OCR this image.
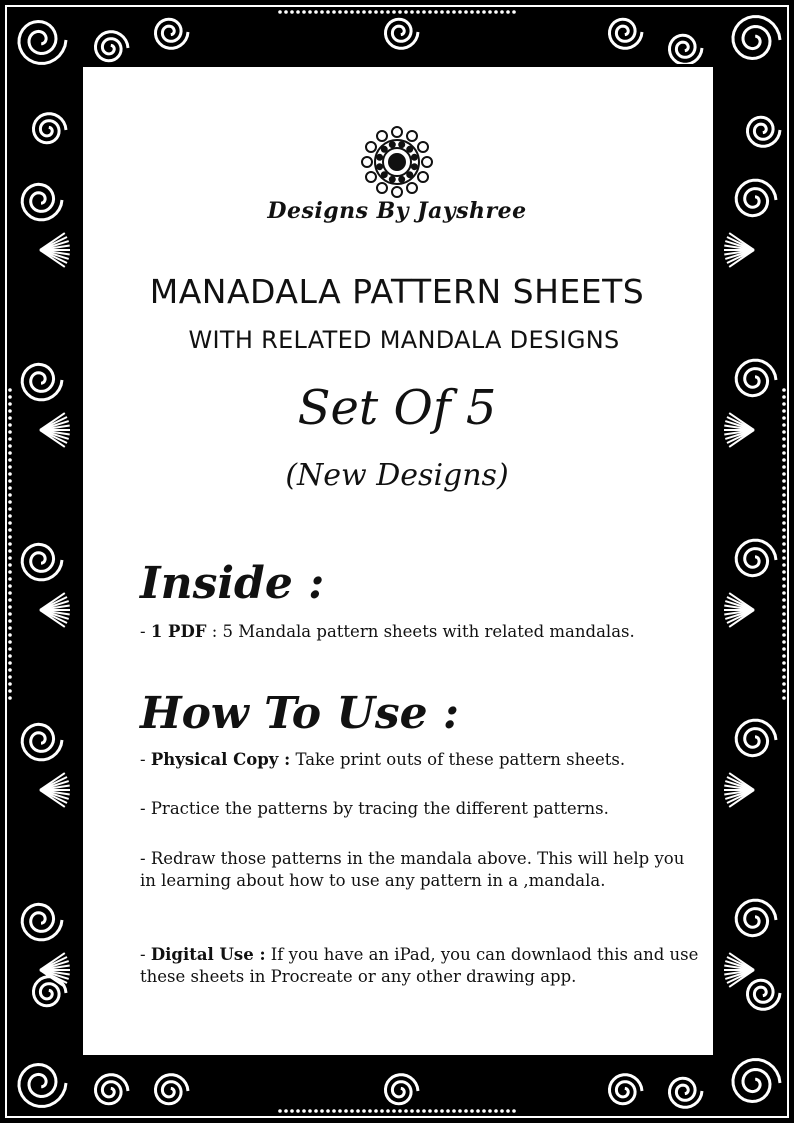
Designs By Jayshree
MANADALA PATTERN SHEETS
WITH RELATED MANDALA DESIGNS
Set Of 5
(New Designs)
Inside :
- 1 PDF : 5 Mandala pattern sheets with related mandalas.
How To Use :
- Physical Copy : Take print outs of these pattern sheets.
- Practice the patterns by tracing the different patterns.
- Redraw those patterns in the mandala above. This will help you in learning about how to use any pattern in a ,mandala.
- Digital Use : If you have an iPad, you can downlaod this and use these sheets in Procreate or any other drawing app.
